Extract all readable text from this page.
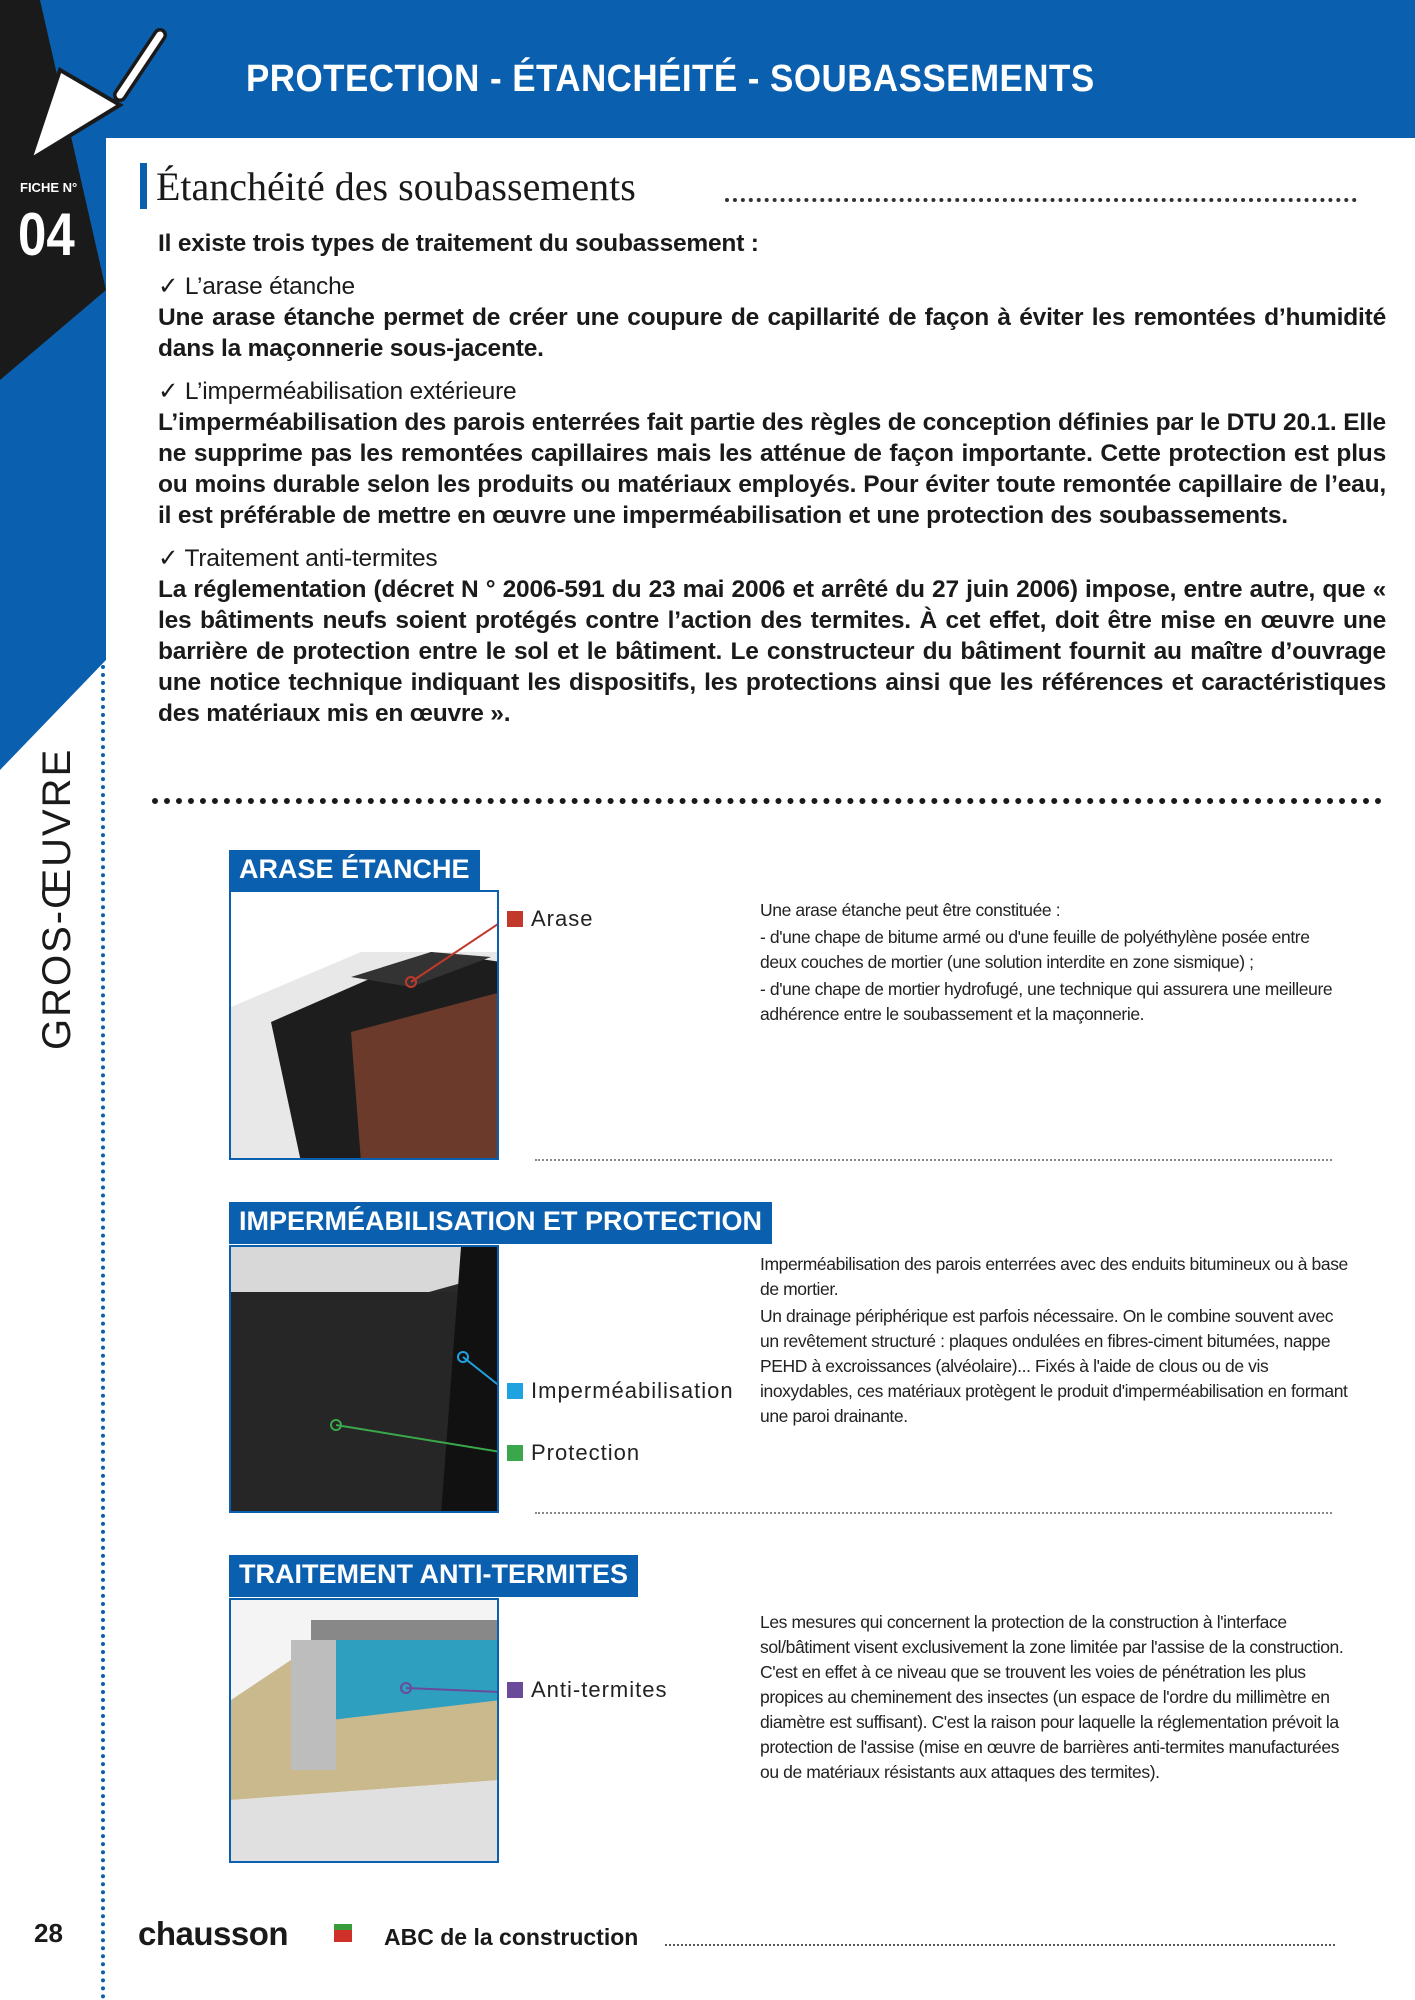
PROTECTION - ÉTANCHÉITÉ - SOUBASSEMENTS
FICHE N°
04
GROS-ŒUVRE
Étanchéité des soubassements

Il existe trois types de traitement du soubassement :

✓ L’arase étanche
Une arase étanche permet de créer une coupure de capillarité de façon à éviter les remontées d’humidité dans la maçonnerie sous-jacente.

✓ L’imperméabilisation extérieure
L’imperméabilisation des parois enterrées fait partie des règles de conception définies par le DTU 20.1. Elle ne supprime pas les remontées capillaires mais les atténue de façon importante. Cette protection est plus ou moins durable selon les produits ou matériaux employés. Pour éviter toute remontée capillaire de l’eau, il est préférable de mettre en œuvre une imperméabilisation et une protection des soubassements.

✓ Traitement anti-termites
La réglementation (décret N ° 2006-591 du 23 mai 2006 et arrêté du 27 juin 2006) impose, entre autre, que « les bâtiments neufs soient protégés contre l’action des termites. À cet effet, doit être mise en œuvre une barrière de protection entre le sol et le bâtiment. Le constructeur du bâtiment fournit au maître d’ouvrage une notice technique indiquant les dispositifs, les protections ainsi que les références et caractéristiques des matériaux mis en œuvre ».

ARASE ÉTANCHE
Arase	Une arase étanche peut être constituée :

- d'une chape de bitume armé ou d'une feuille de polyéthylène posée entre deux couches de mortier (une solution interdite en zone sismique) ;

- d'une chape de mortier hydrofugé, une technique qui assurera une meilleure adhérence entre le soubassement et la maçonnerie.

IMPERMÉABILISATION ET PROTECTION
Imperméabilisation
Protection

Imperméabilisation des parois enterrées avec des enduits bitumineux ou à base de mortier.

Un drainage périphérique est parfois nécessaire. On le combine souvent avec un revêtement structuré : plaques ondulées en fibres-ciment bitumées, nappe PEHD à excroissances (alvéolaire)... Fixés à l'aide de clous ou de vis inoxydables, ces matériaux protègent le produit d'imperméabilisation en formant une paroi drainante.

TRAITEMENT ANTI-TERMITES
Anti-termites

Les mesures qui concernent la protection de la construction à l'interface sol/bâtiment visent exclusivement la zone limitée par l'assise de la construction. C'est en effet à ce niveau que se trouvent les voies de pénétration les plus propices au cheminement des insectes (un espace de l'ordre du millimètre en diamètre est suffisant). C'est la raison pour laquelle la réglementation prévoit la protection de l'assise (mise en œuvre de barrières anti-termites manufacturées ou de matériaux résistants aux attaques des termites).

28 chausson	ABC de la construction
